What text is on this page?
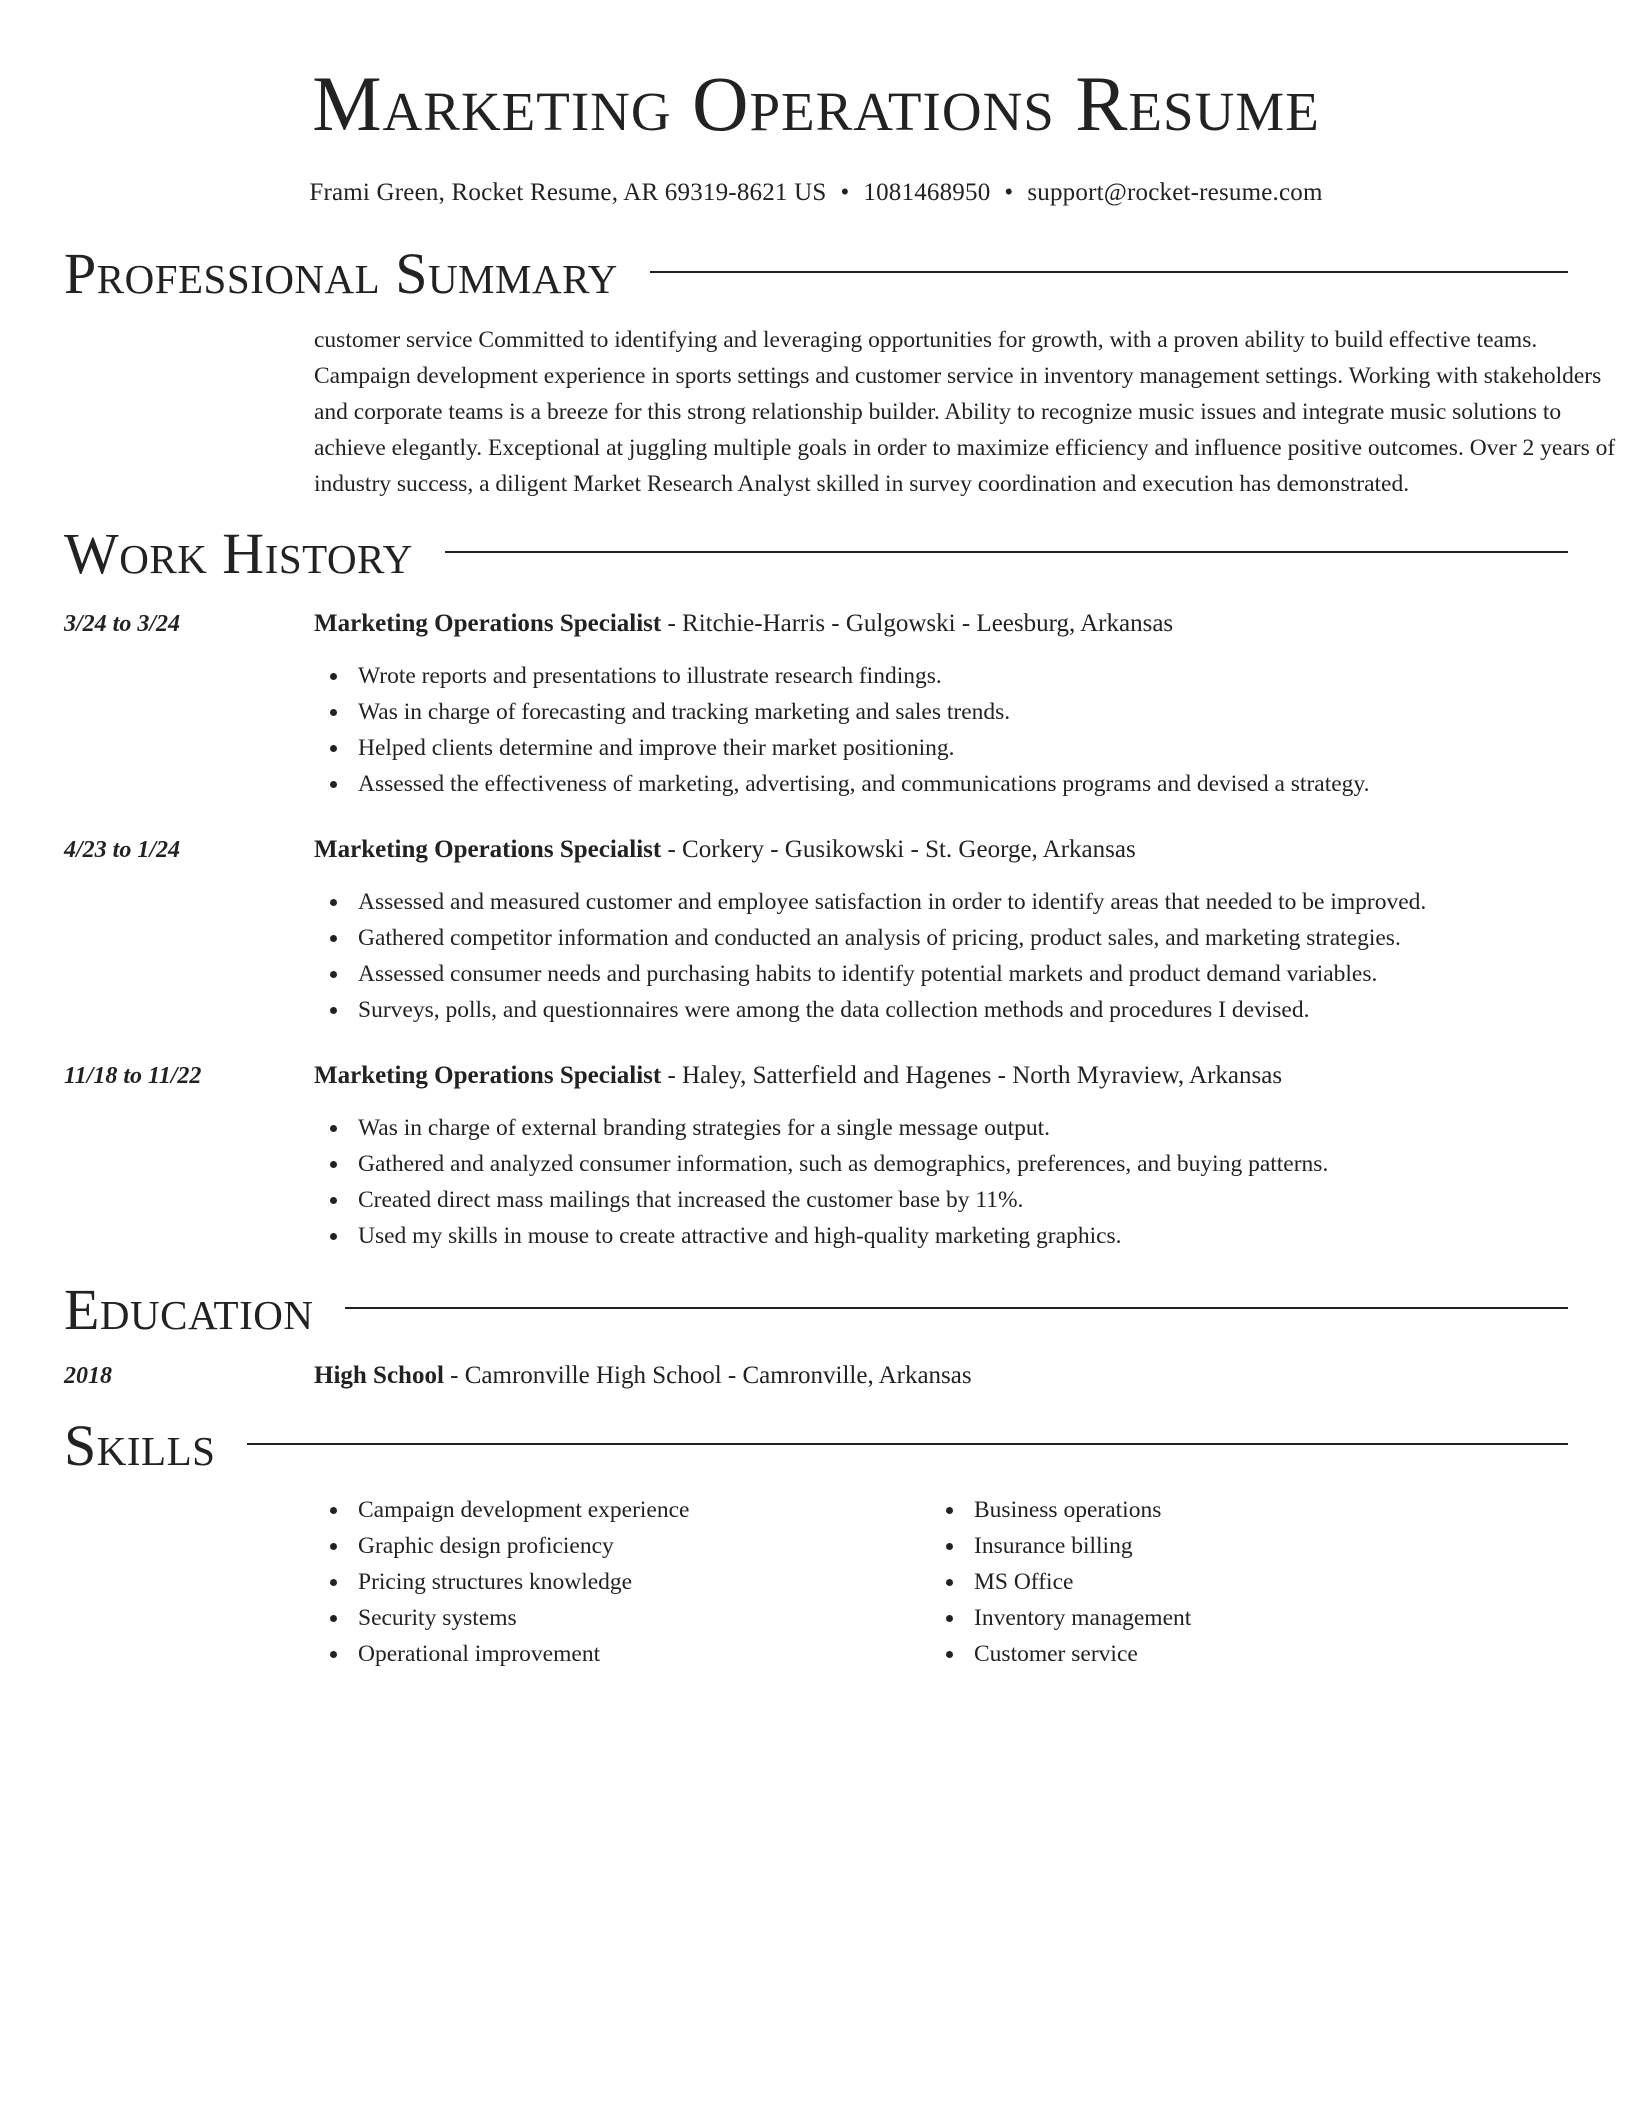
Marketing Operations Resume
Frami Green, Rocket Resume, AR 69319-8621 US • 1081468950 • support@rocket-resume.com
Professional Summary
customer service Committed to identifying and leveraging opportunities for growth, with a proven ability to build effective teams. Campaign development experience in sports settings and customer service in inventory management settings. Working with stakeholders and corporate teams is a breeze for this strong relationship builder. Ability to recognize music issues and integrate music solutions to achieve elegantly. Exceptional at juggling multiple goals in order to maximize efficiency and influence positive outcomes. Over 2 years of industry success, a diligent Market Research Analyst skilled in survey coordination and execution has demonstrated.
Work History
3/24 to 3/24	Marketing Operations Specialist - Ritchie-Harris - Gulgowski - Leesburg, Arkansas
Wrote reports and presentations to illustrate research findings.
Was in charge of forecasting and tracking marketing and sales trends.
Helped clients determine and improve their market positioning.
Assessed the effectiveness of marketing, advertising, and communications programs and devised a strategy.
4/23 to 1/24	Marketing Operations Specialist - Corkery - Gusikowski - St. George, Arkansas
Assessed and measured customer and employee satisfaction in order to identify areas that needed to be improved.
Gathered competitor information and conducted an analysis of pricing, product sales, and marketing strategies.
Assessed consumer needs and purchasing habits to identify potential markets and product demand variables.
Surveys, polls, and questionnaires were among the data collection methods and procedures I devised.
11/18 to 11/22	Marketing Operations Specialist - Haley, Satterfield and Hagenes - North Myraview, Arkansas
Was in charge of external branding strategies for a single message output.
Gathered and analyzed consumer information, such as demographics, preferences, and buying patterns.
Created direct mass mailings that increased the customer base by 11%.
Used my skills in mouse to create attractive and high-quality marketing graphics.
Education
2018	High School - Camronville High School - Camronville, Arkansas
Skills
Campaign development experience
Graphic design proficiency
Pricing structures knowledge
Security systems
Operational improvement
Business operations
Insurance billing
MS Office
Inventory management
Customer service
